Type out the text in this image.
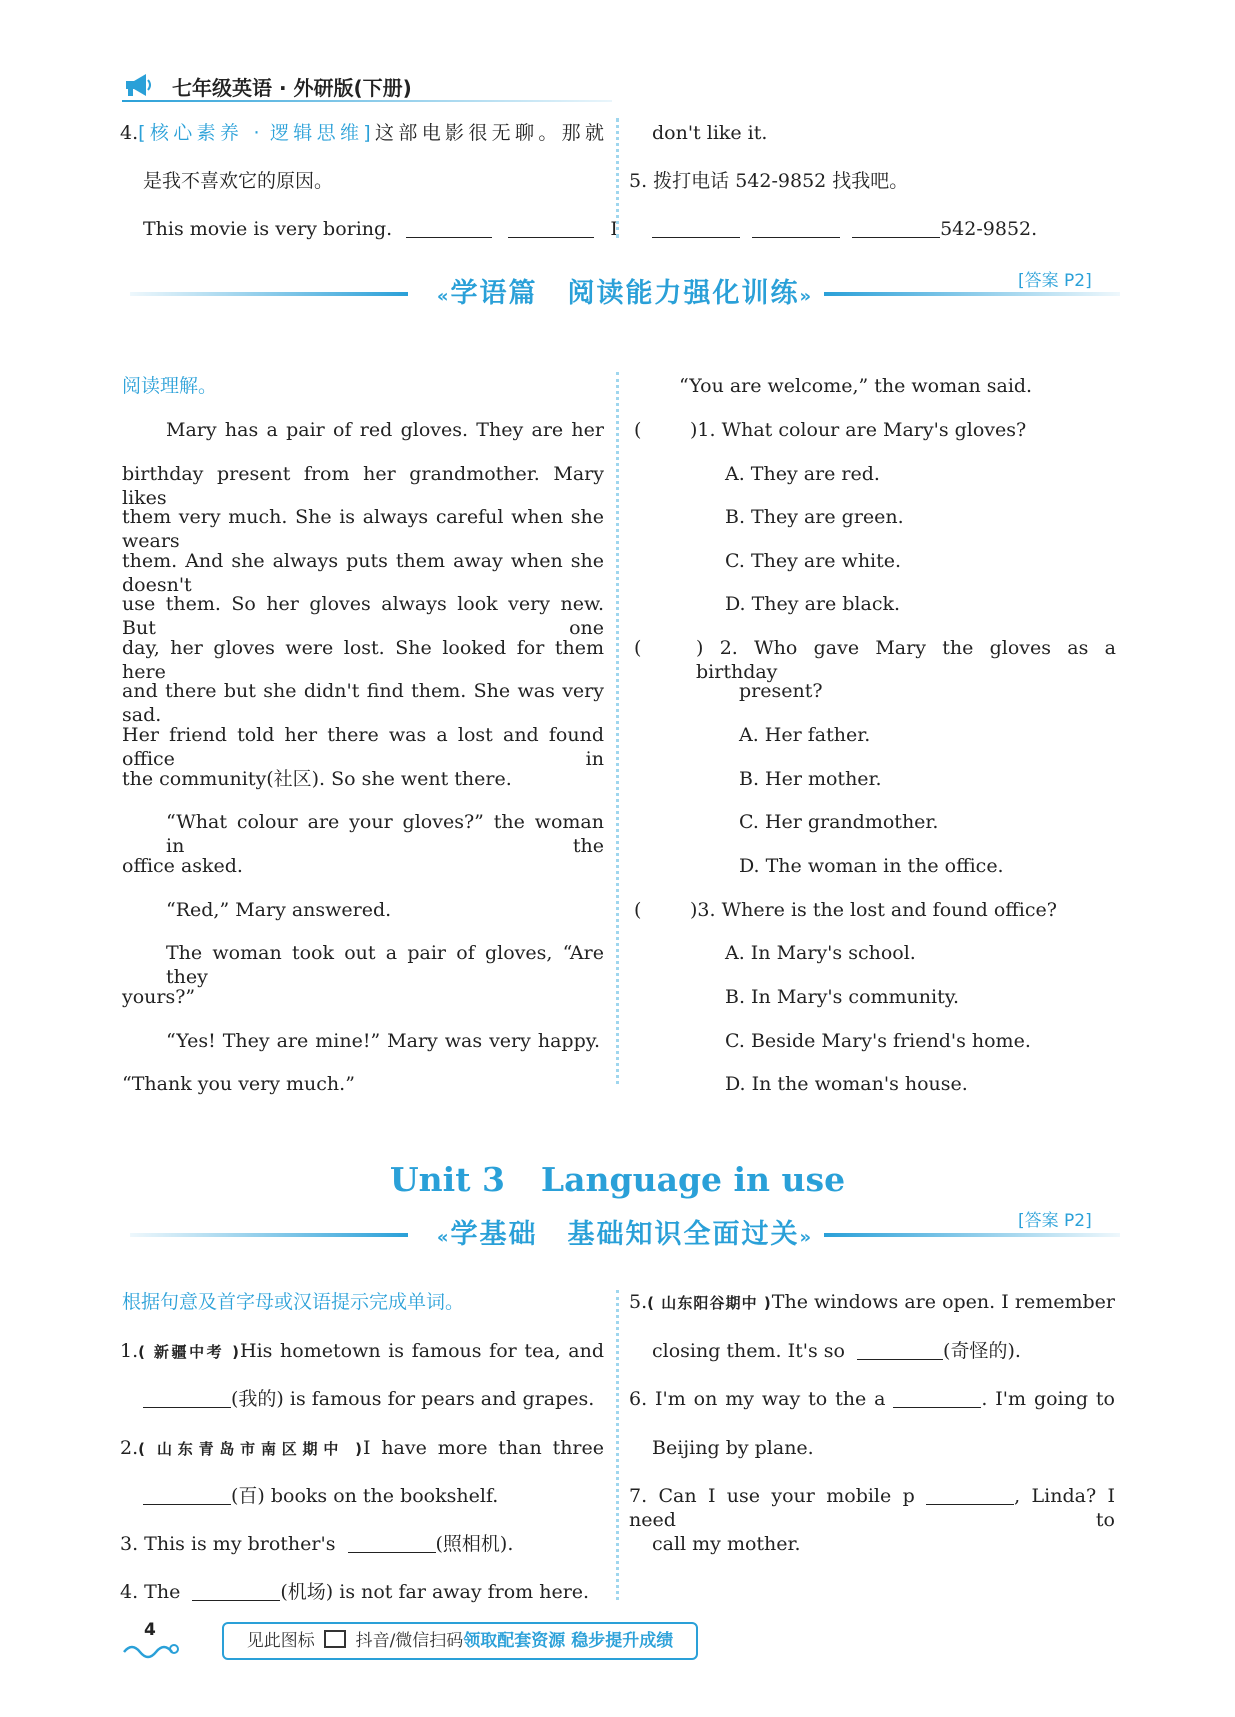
七年级英语 · 外研版(下册)
4.[核心素养 · 逻辑思维]这部电影很无聊。那就
是我不喜欢它的原因。
This movie is very boring.	I
don't like it.
5. 拨打电话 542-9852 找我吧。
542-9852.
[答案 P2]
«学语篇 阅读能力强化训练»
阅读理解。
Mary has a pair of red gloves. They are her
birthday present from her grandmother. Mary likes
them very much. She is always careful when she wears
them. And she always puts them away when she doesn't
use them. So her gloves always look very new. But one
day, her gloves were lost. She looked for them here
and there but she didn't find them. She was very sad.
Her friend told her there was a lost and found office in
the community(社区). So she went there.
“What colour are your gloves?” the woman in the
office asked.
“Red,” Mary answered.
The woman took out a pair of gloves, “Are they
yours?”
“Yes! They are mine!” Mary was very happy.
“Thank you very much.”
“You are welcome,” the woman said.
(	)1. What colour are Mary's gloves?
A. They are red.
B. They are green.
C. They are white.
D. They are black.
(	) 2. Who gave Mary the gloves as a birthday
present?
A. Her father.
B. Her mother.
C. Her grandmother.
D. The woman in the office.
(	)3. Where is the lost and found office?
A. In Mary's school.
B. In Mary's community.
C. Beside Mary's friend's home.
D. In the woman's house.
Unit 3 Language in use
[答案 P2]
«学基础 基础知识全面过关»
根据句意及首字母或汉语提示完成单词。
1.( 新疆中考 )His hometown is famous for tea, and
(我的) is famous for pears and grapes.
2.( 山东青岛市南区期中 )I have more than three
(百) books on the bookshelf.
3. This is my brother's	(照相机).
4. The	(机场) is not far away from here.
5.( 山东阳谷期中 )The windows are open. I remember
closing them. It's so	(奇怪的).
6. I'm on my way to the a	. I'm going to
Beijing by plane.
7. Can I use your mobile p	, Linda? I need to
call my mother.
4
见此图标 抖音/微信扫码领取配套资源 稳步提升成绩
